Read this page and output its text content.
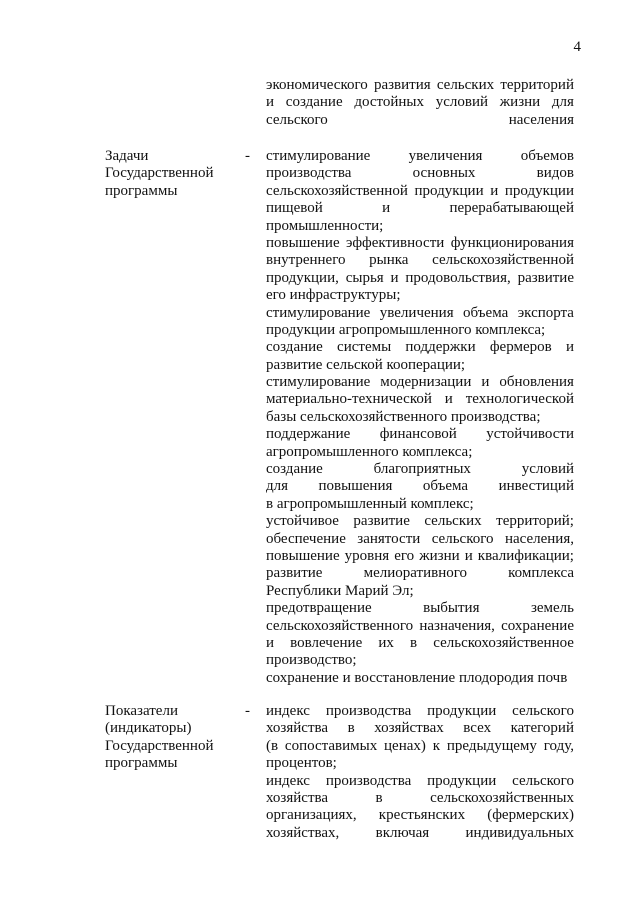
4
экономического развития сельских территорий
и создание достойных условий жизни для
сельского	населения
Задачи
Государственной
программы
-	стимулирование	увеличения	объемов
производства	основных	видов
сельскохозяйственной продукции и продукции
пищевой	и	перерабатывающей
промышленности;
повышение эффективности функционирования
внутреннего рынка сельскохозяйственной
продукции, сырья и продовольствия, развитие
его инфраструктуры;
стимулирование увеличения объема экспорта
продукции агропромышленного комплекса;
создание системы поддержки фермеров и
развитие сельской кооперации;
стимулирование модернизации и обновления
материально-технической и технологической
базы сельскохозяйственного производства;
поддержание финансовой устойчивости
агропромышленного комплекса;
создание	благоприятных	условий
для повышения объема инвестиций
в агропромышленный комплекс;
устойчивое развитие сельских территорий;
обеспечение занятости сельского населения,
повышение уровня его жизни и квалификации;
развитие	мелиоративного	комплекса
Республики Марий Эл;
предотвращение	выбытия	земель
сельскохозяйственного назначения, сохранение
и вовлечение их в сельскохозяйственное
производство;
сохранение и восстановление плодородия почв
Показатели
(индикаторы)
Государственной
программы
-	индекс производства продукции сельского
хозяйства в хозяйствах всех категорий
(в сопоставимых ценах) к предыдущему году,
процентов;
индекс производства продукции сельского
хозяйства	в	сельскохозяйственных
организациях, крестьянских (фермерских)
хозяйствах, включая индивидуальных
